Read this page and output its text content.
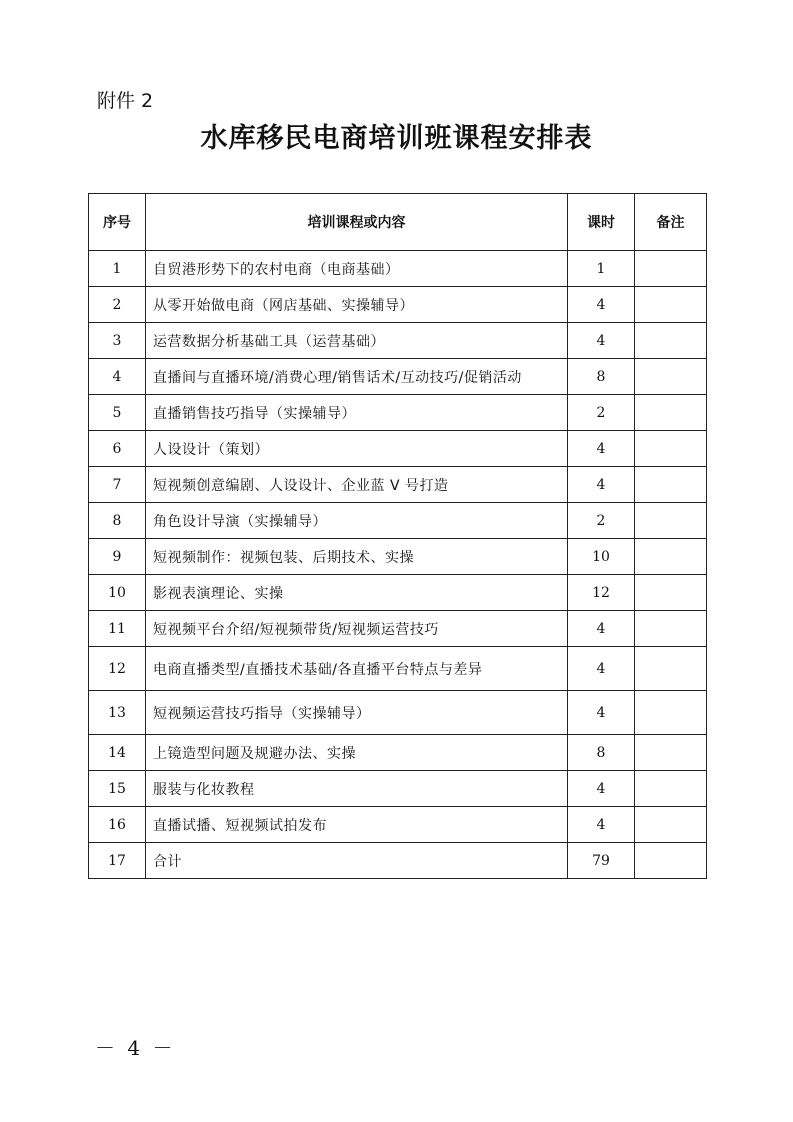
附件 2
水库移民电商培训班课程安排表
序号	培训课程或内容	课时	备注
1	自贸港形势下的农村电商（电商基础）	1	
2	从零开始做电商（网店基础、实操辅导）	4	
3	运营数据分析基础工具（运营基础）	4	
4	直播间与直播环境/消费心理/销售话术/互动技巧/促销活动	8	
5	直播销售技巧指导（实操辅导）	2	
6	人设设计（策划）	4	
7	短视频创意编剧、人设设计、企业蓝 V 号打造	4	
8	角色设计导演（实操辅导）	2	
9	短视频制作：视频包装、后期技术、实操	10	
10	影视表演理论、实操	12	
11	短视频平台介绍/短视频带货/短视频运营技巧	4	
12	电商直播类型/直播技术基础/各直播平台特点与差异	4	
13	短视频运营技巧指导（实操辅导）	4	
14	上镜造型问题及规避办法、实操	8	
15	服装与化妆教程	4	
16	直播试播、短视频试拍发布	4	
17	合计	79	
－ 4 －
